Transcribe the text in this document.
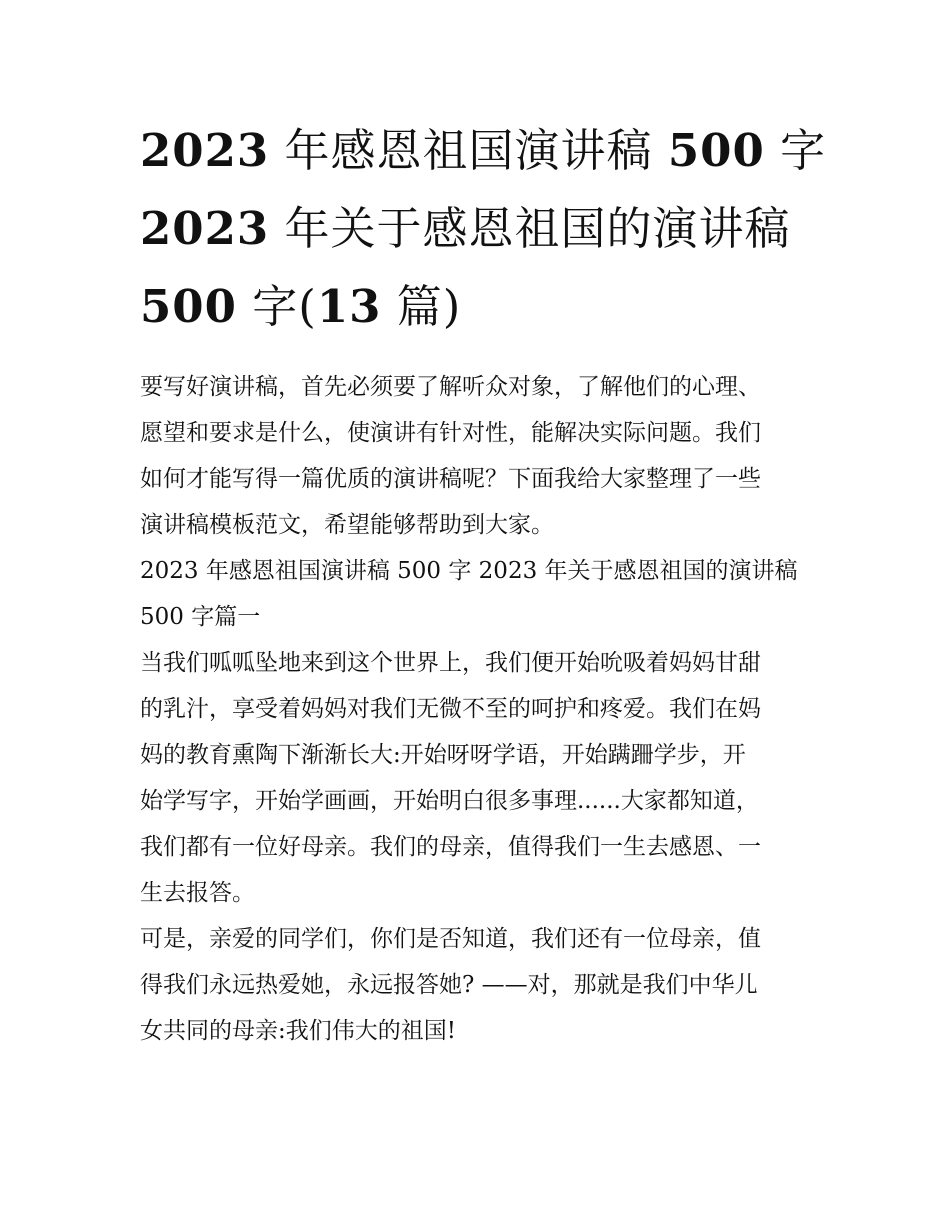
2023 年感恩祖国演讲稿 500 字
2023 年关于感恩祖国的演讲稿
500 字(13 篇)

要写好演讲稿，首先必须要了解听众对象，了解他们的心理、
愿望和要求是什么，使演讲有针对性，能解决实际问题。我们
如何才能写得一篇优质的演讲稿呢？下面我给大家整理了一些
演讲稿模板范文，希望能够帮助到大家。

2023 年感恩祖国演讲稿 500 字 2023 年关于感恩祖国的演讲稿
500 字篇一

当我们呱呱坠地来到这个世界上，我们便开始吮吸着妈妈甘甜
的乳汁，享受着妈妈对我们无微不至的呵护和疼爱。我们在妈
妈的教育熏陶下渐渐长大:开始呀呀学语，开始蹒跚学步，开
始学写字，开始学画画，开始明白很多事理......大家都知道，
我们都有一位好母亲。我们的母亲，值得我们一生去感恩、一
生去报答。

可是，亲爱的同学们，你们是否知道，我们还有一位母亲，值
得我们永远热爱她，永远报答她? ——对，那就是我们中华儿
女共同的母亲:我们伟大的祖国!
